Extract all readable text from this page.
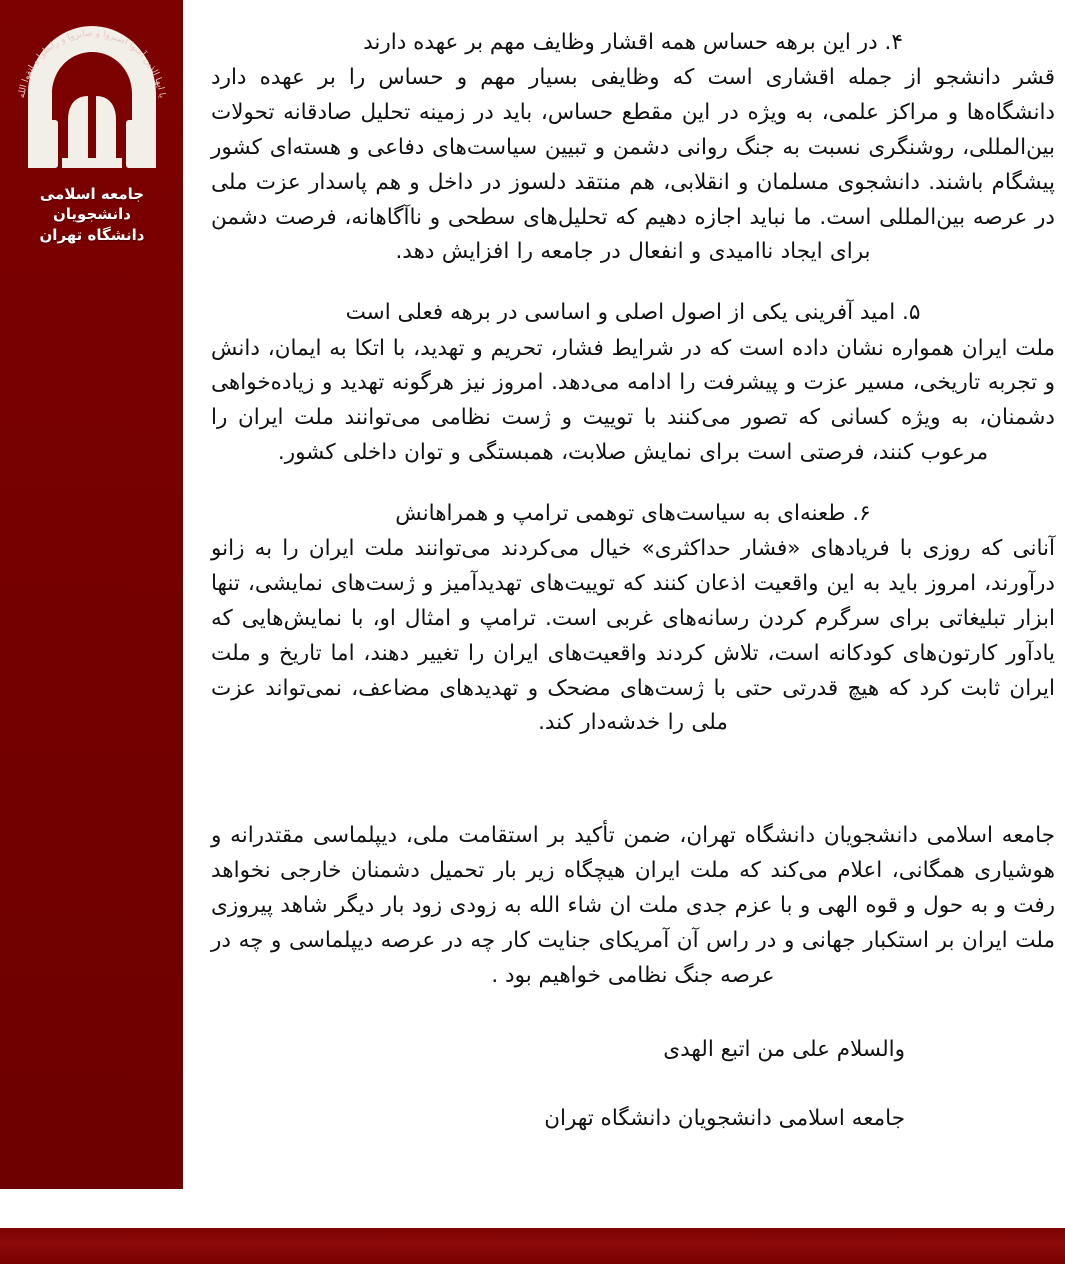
یا ایها الذین آمنوا اصبروا و صابروا و رابطوا و اتقوا الله
جامعه اسلامی دانشجویان
دانشگاه تهران

۴. در این برهه حساس همه اقشار وظایف مهم بر عهده دارند

قشر دانشجو از جمله اقشاری است که وظایفی بسیار مهم و حساس را بر عهده دارد دانشگاه‌ها و مراکز علمی، به ویژه در این مقطع حساس، باید در زمینه تحلیل صادقانه تحولات بین‌المللی، روشنگری نسبت به جنگ روانی دشمن و تبیین سیاست‌های دفاعی و هسته‌ای کشور پیشگام باشند. دانشجوی مسلمان و انقلابی، هم منتقد دلسوز در داخل و هم پاسدار عزت ملی در عرصه بین‌المللی است. ما نباید اجازه دهیم که تحلیل‌های سطحی و ناآگاهانه، فرصت دشمن برای ایجاد ناامیدی و انفعال در جامعه را افزایش دهد.

۵. امید آفرینی یکی از اصول اصلی و اساسی در برهه فعلی است

ملت ایران همواره نشان داده است که در شرایط فشار، تحریم و تهدید، با اتکا به ایمان، دانش و تجربه تاریخی، مسیر عزت و پیشرفت را ادامه می‌دهد. امروز نیز هرگونه تهدید و زیاده‌خواهی دشمنان، به ویژه کسانی که تصور می‌کنند با توییت و ژست نظامی می‌توانند ملت ایران را مرعوب کنند، فرصتی است برای نمایش صلابت، همبستگی و توان داخلی کشور.

۶. طعنه‌ای به سیاست‌های توهمی ترامپ و همراهانش

آنانی که روزی با فریادهای «فشار حداکثری» خیال می‌کردند می‌توانند ملت ایران را به زانو درآورند، امروز باید به این واقعیت اذعان کنند که توییت‌های تهدیدآمیز و ژست‌های نمایشی، تنها ابزار تبلیغاتی برای سرگرم کردن رسانه‌های غربی است. ترامپ و امثال او، با نمایش‌هایی که یادآور کارتون‌های کودکانه است، تلاش کردند واقعیت‌های ایران را تغییر دهند، اما تاریخ و ملت ایران ثابت کرد که هیچ قدرتی حتی با ژست‌های مضحک و تهدیدهای مضاعف، نمی‌تواند عزت ملی را خدشه‌دار کند.

جامعه اسلامی دانشجویان دانشگاه تهران، ضمن تأکید بر استقامت ملی، دیپلماسی مقتدرانه و هوشیاری همگانی، اعلام می‌کند که ملت ایران هیچگاه زیر بار تحمیل دشمنان خارجی نخواهد رفت و به حول و قوه الهی و با عزم جدی ملت ان شاء الله به زودی زود بار دیگر شاهد پیروزی ملت ایران بر استکبار جهانی و در راس آن آمریکای جنایت کار چه در عرصه دیپلماسی و چه در عرصه جنگ نظامی خواهیم بود .

والسلام علی من اتبع الهدی

جامعه اسلامی دانشجویان دانشگاه تهران
